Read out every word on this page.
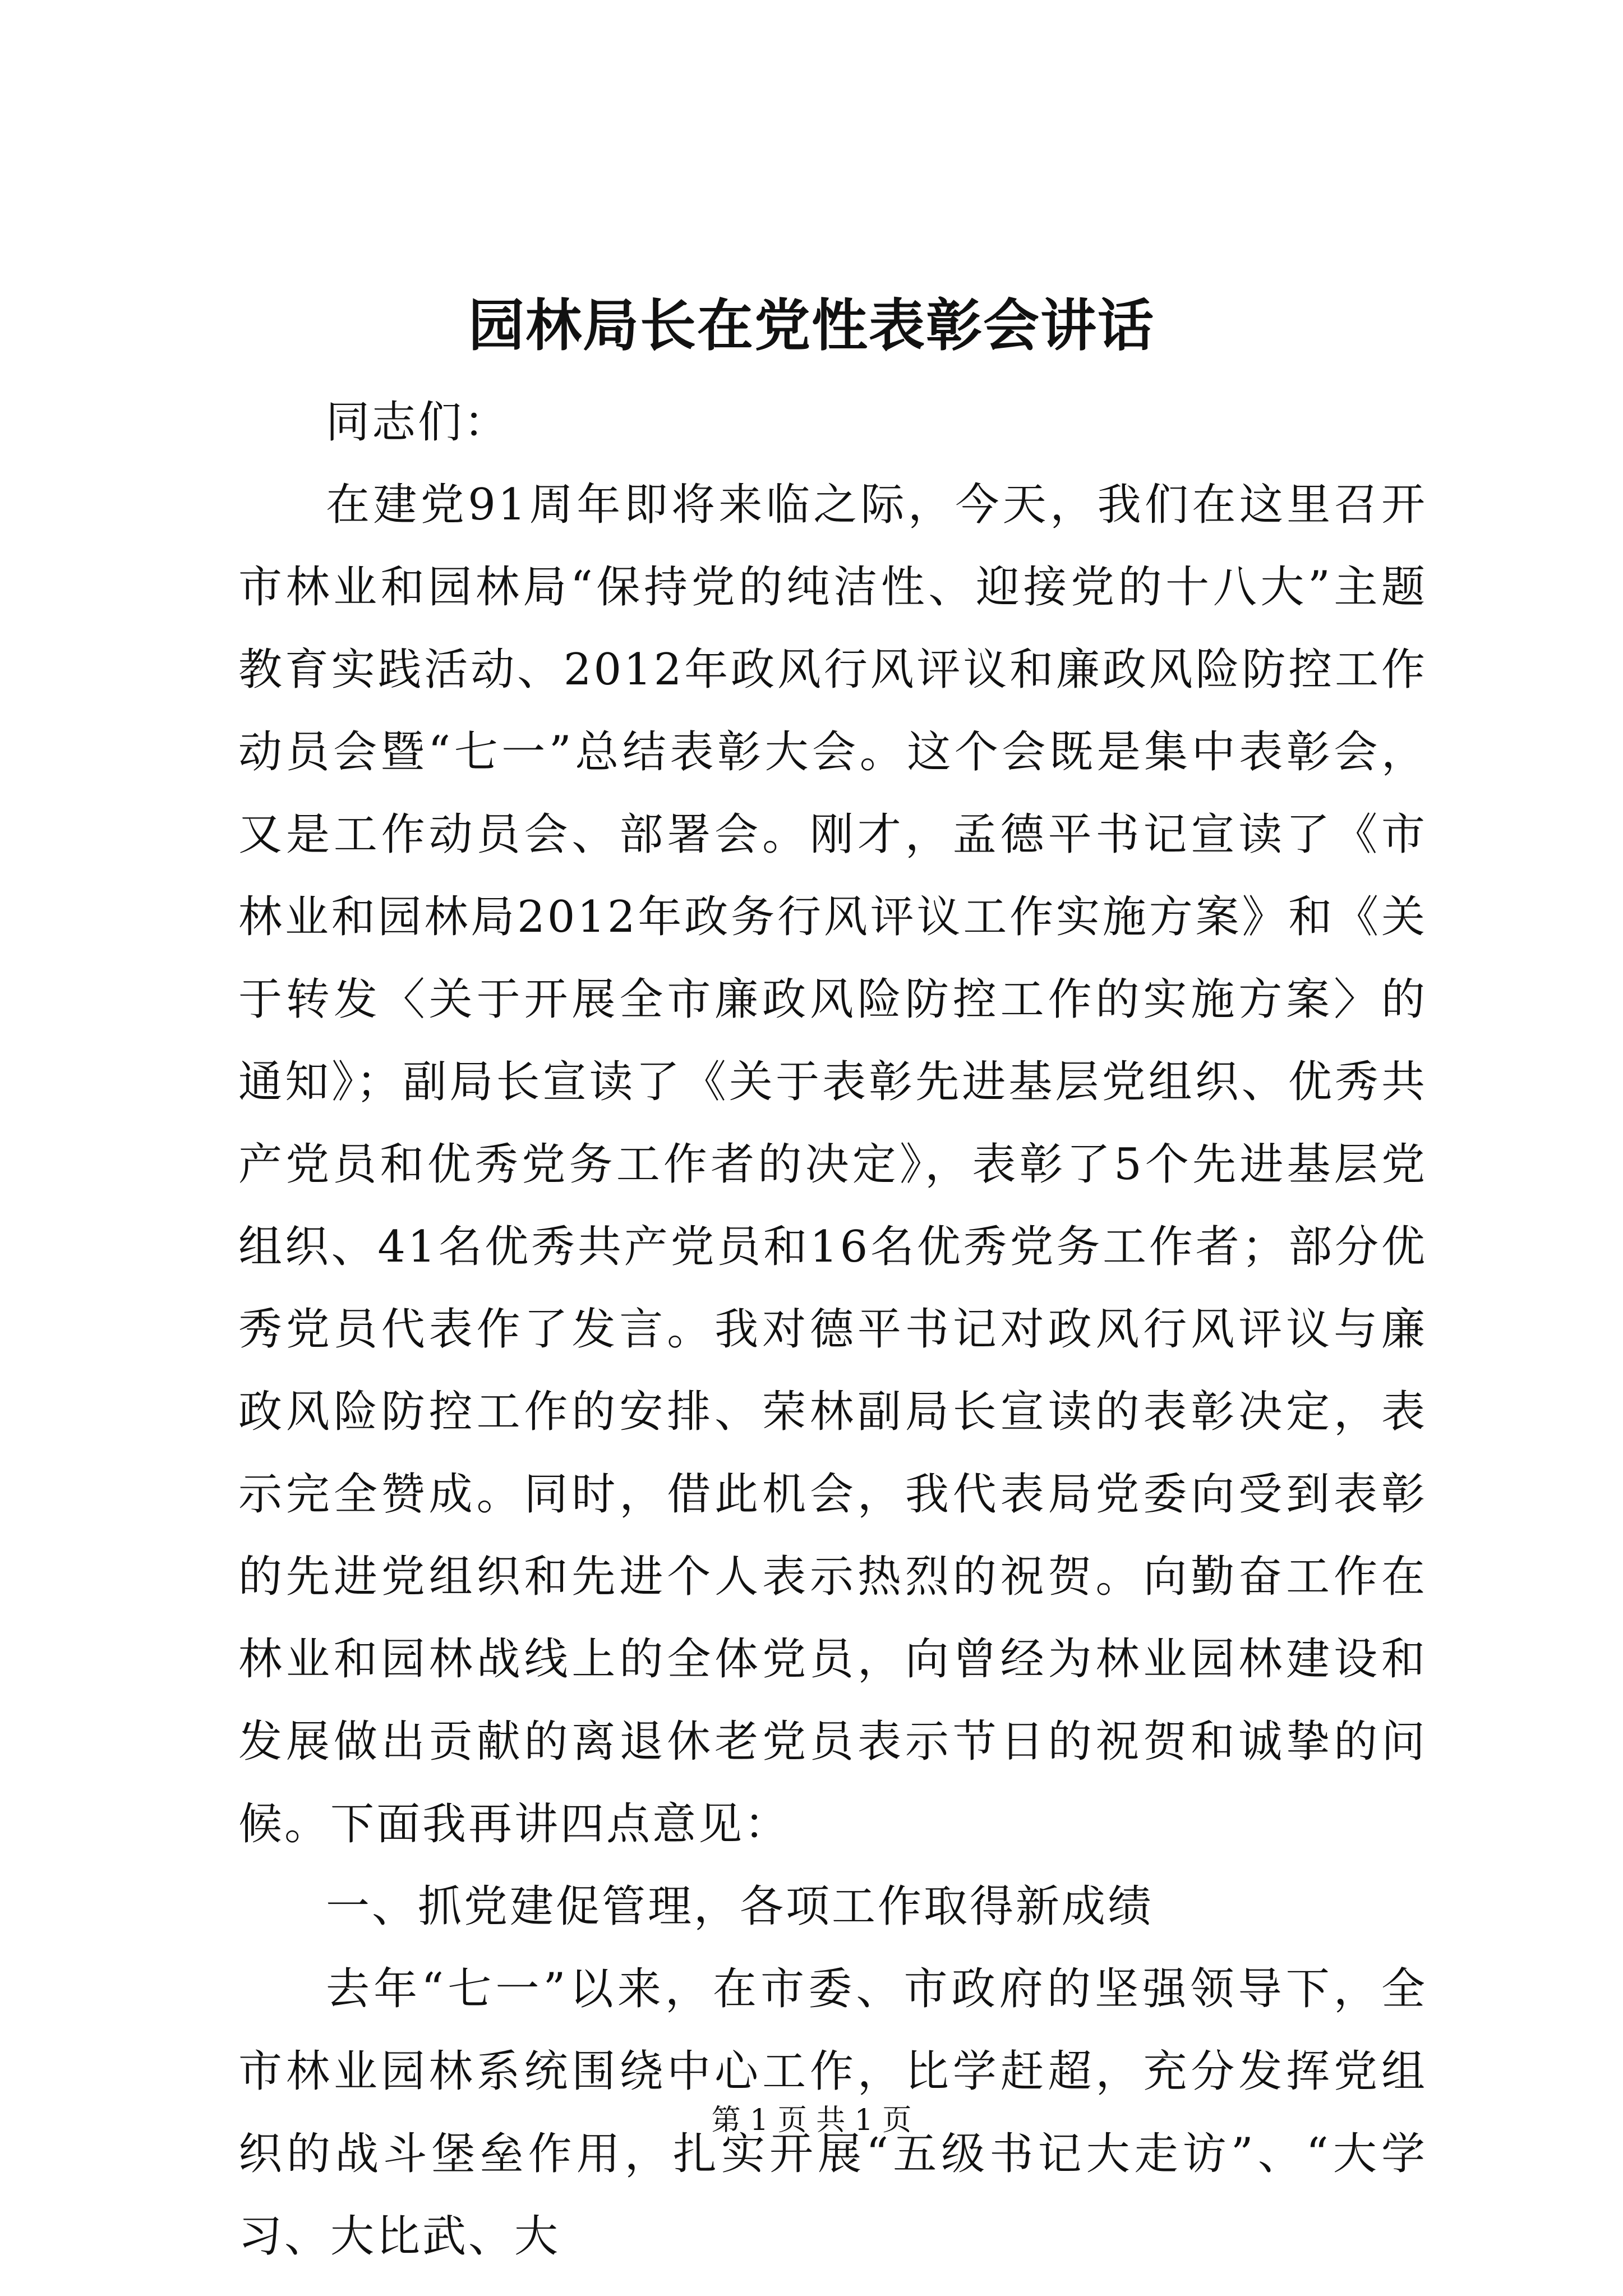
园林局长在党性表彰会讲话

同志们：

在建党91周年即将来临之际，今天，我们在这里召开市林业和园林局“保持党的纯洁性、迎接党的十八大”主题教育实践活动、2012年政风行风评议和廉政风险防控工作动员会暨“七一”总结表彰大会。这个会既是集中表彰会，又是工作动员会、部署会。刚才，孟德平书记宣读了《市林业和园林局2012年政务行风评议工作实施方案》和《关于转发〈关于开展全市廉政风险防控工作的实施方案〉的通知》；副局长宣读了《关于表彰先进基层党组织、优秀共产党员和优秀党务工作者的决定》，表彰了5个先进基层党组织、41名优秀共产党员和16名优秀党务工作者；部分优秀党员代表作了发言。我对德平书记对政风行风评议与廉政风险防控工作的安排、荣林副局长宣读的表彰决定，表示完全赞成。同时，借此机会，我代表局党委向受到表彰的先进党组织和先进个人表示热烈的祝贺。向勤奋工作在林业和园林战线上的全体党员，向曾经为林业园林建设和发展做出贡献的离退休老党员表示节日的祝贺和诚挚的问候。下面我再讲四点意见：

一、抓党建促管理，各项工作取得新成绩

去年“七一”以来，在市委、市政府的坚强领导下，全市林业园林系统围绕中心工作，比学赶超，充分发挥党组织的战斗堡垒作用，扎实开展“五级书记大走访”、“大学习、大比武、大

第 1 页 共 1 页
